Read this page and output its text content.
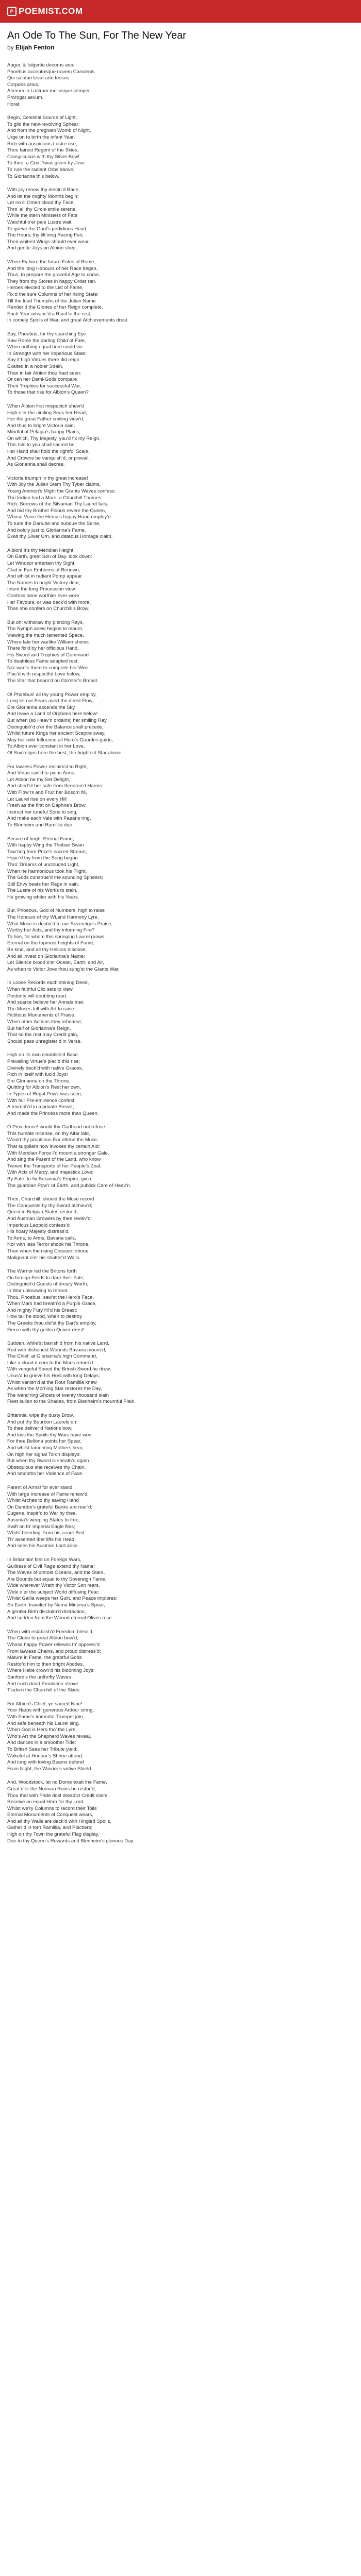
P POEMIST.COM
An Ode To The Sun, For The New Year

by Elijah Fenton

Augur, & fulgente decorus arcu
Phoebus acceptusque novem Camœnis,
Qui salutari levat arte fessos
Corporis artus,
Alterum in Lustrum meliusque semper
Prorogat aevum.
Horat.

Begin, Celestial Source of Light,
To gild the new-revolving Sphear;
And from the pregnant Womb of Night,
Urge on to birth the infant Year.
Rich with auspicious Lustre rise,
Thou fairest Regent of the Skies,
Conspicuous with thy Silver Bow!
To thee, a God, ’twas given by Jove
To rule the radiant Orbs above,
To Glorianna this below.

With joy renew thy destin’d Race,
And let the mighty Months begin:
Let no ill Omen cloud thy Face,
Thro’ all thy Circle smile serene.
While the stern Ministers of Fate
Watchful o’er pale Lustre wait,
To grieve the Gaul’s perfidious Head;
The Hours, thy lift’ning Racing Fair,
Their whitest Wings should ever wear,
And gentle Joys on Albion shed.

When-Ev bore the future Fates of Rome,
And the long Honours of her Race began,
Thus, to prepare the graceful Age to come,
They from thy Stores in happy Order ran.
Heroes elected to the List of Fame,
Fix’d the sure Columns of her rising State;
Till the loud Triumphs of the Julian Name
Render’d the Glories of her Reign complete,
Each Year advanc’d a Rival to the rest,
In comely Spoils of War, and great Atchievements drest.

Say, Phoebus, for thy searching Eye
Saw Rome the darling Child of Fate,
When nothing equal here could vie
In Strength with her imperious State;
Say if high Virtues there did reign
Exalted in a nobler Strain,
Than in fair Albion thou hast seen:
Or can her Demi-Gods compare
Their Trophies for successful War,
To those that rise for Albion’s Queen?

When Albion first mispetitch shew’d
High o’er the circling Seas her Head,
Her the great Father smiling view’d,
And thus to bright Victoria said;
Mindful of Pelagia’s happy Plains,
On which, Thy Majesty, you’d fix my Reign,
This Isle to you shall sacred be;
Her Hand shall hold the rightful Scale,
And Crowns be vanquish’d, or prevail,
As Glorianna shall decree.

Victoria triumph in thy great increase!
With Joy the Julian Stem Thy Tyber claims,
Young Ammon’s Might the Grants Waves confess:
The Indian had a Mars, a Churchill Thames:
Rich, Sorrows of the Silvanian Thy Laurel fails,
And bid thy Brother Floods revere the Queen,
Whose Voice the Hercu’s happy Hand employ’d
To tune the Danube and subdue the Seine,
And boldly just to Glorianna’s Fame,
Exalt thy Silver Urn, and dateous Homage claim.

Albion! It’s thy Meridian Height,
On Earth, great Son of Day, look down:
Let Windsor entertain thy Sight,
Clad in Fair Emblems of Renown;
And whilst in radiant Pomp appear
The Names to bright Victory dear,
Intent the long Procession view:
Confess none worthier ever wore
Her Favours, or was deck’d with more,
Than she confers on Churchill’s Brow.

But oh! withdraw thy piercing Rays,
The Nymph anew begins to mourn,
Viewing the much lamented Space,
Where late her warlike William shone:
There fix’d by her officious Hand,
His Sword and Trophies of Command
To deathless Fame adapted rest;
Nor wants there to complete her Woe,
Plac’d with respectful Love below,
The Star that beam’d on Glo’ster’s Breast.

O! Phoebus! all thy young Power employ,
Long let our Fears avert the direst Flow,
Ere Glorianna ascends the Sky,
And leave a Land of Orphans here below!
But when (so Heav’n ordains) her smiling Ray
Distinguish’d o’er the Balance shall precede,
Whilst future Kings her ancient Sceptre sway,
May her mild Influence all Hero’s Gourdes guide;
To Albion ever constant in her Love,
Of Sov’reigns here the best, the brightest Star above.

For lawless Power reclaim’d to Right,
And Virtue rais’d to pious Arms,
Let Albion be thy Set Delight,
And shed’st her safe from threaten’d Harms:
With Flow’rs and Fruit her Bosom fill,
Let Laurel rise on every Hill
Fresh as the first on Daphne’s Brow:
Instruct her tuneful Sons to sing,
And make each Vale with Paeans ring,
To Blenheim and Ramillia due.

Secure of bright Eternal Fame,
With happy Wing the Theban Swan
Tow’ring from Price’s sacred Stream,
Hope’d thy from the Song began:
Thro’ Dreams of unclouded Light,
When he harmonious took his Flight,
The Gods construe’d the sounding Sphears;
Still Envy beats her Rage in vain,
The Lustre of his Works to stain,
He growing whiter with his Years.

But, Phoebus, God of Numbers, high to raise
The Honours of thy Wi,and Harmony Lyre,
What Muse is destin’d to our Sovereign’s Praise,
Worthy her Acts, and thy informing Fire?
To him, for whom this springing Laurel grows,
Eternal on the topmost heights of Fame,
Be kind, and all thy Helicon disclose;
And all invest on Glorianna’s Name;
Let Silence brood o’er Ocean, Earth, and Air,
As when to Victor Jove thou sung’st the Giants War.

In Loose Records each shining Deed,
When faithful Clio sets to view,
Posterity will doubting read,
And scarce believe her Annals true:
The Muses tell with Art to raise
Fictitious Monuments of Praise,
When other Actions they rehearse;
But half of Glorianna’s Reign,
That so the rest may Credit gain,
Should pass unregister’d in Verse.

High on its own establish’d Base
Prevailing Virtue’s plac’d this rise;
Divinely deck’d with native Graces,
Rich in itself with lucid Joys:
Ere Glorianna on the Throne,
Quitting for Albion’s Rest her own,
In Types of Regal Pow’r was seen;
With fair Pre-eminence confest
A triumph’d in a private Breast,
And made the Princess more than Queen.

O Providence! would thy Godhead not refuse
This humble Incense, on thy Altar laid,
Would thy propitious Ear attend the Muse,
That suppliant now invokes thy certain Aid;
With Meridian Force I’d mount a stronger Gale,
And sing the Parent of the Land, who know
Twixed the Transports of her People’s Zeal,
With Acts of Mercy, and majestick Love;
By Fate, to fix Britannia’s Empire, giv’n
The guardian Pow’r of Earth, and publick Care of Heav’n.

Then, Churchill, should the Muse record
The Conquests by thy Sword atchiev’d;
Quest in Belgian States restor’d,
And Austrian Growers by thee reviev’d:
Imperious Leopold confess’d
His hoary Majesty distress’d,
To Arms, to Arms, Bavaria calls,
Nor with less Terror shook his Throne,
Than when the rising Crescent shone
Malignant o’er his shatter’d Walls.

The Warrior led the Britons forth
On foreign Fields to dare their Fate;
Distinguish’d Guests of dreary Worth,
In War unknowing to retreat.
Thou, Phoebus, saw’st the Hero’s Face,
When Mars had breath’d a Purple Grace,
And mighty Fury fill’d his Breast;
How tall he stood, when to destroy
The Greeks thou did’st thy Dart’s employ,
Fierce with thy golden Quiver drest!

Sudden, while’st banish’d from his native Land,
Red with dishonest Wounds Bavaria mourn’d,
The Chief, at Glorianna’s high Command,
Like a cloud d.com to the Maes return’d:
With vengeful Speed the Brinsh Sword he drew,
Unus’d to grieve his Host with long Delays;
Whilst vanish’d at the Rout Ramillia knew
As when the Morning Star restores the Day,
The wand’ring Ghosts of twenty thousand slain
Fleet sullen to the Shades, from Blenheim’s mournful Plain.

Britannia, wipe thy dusty Brow,
And put thy Bourbon Laurels on:
To thee deliver’d Nations bow,
And kiss the Spoils thy Wars have won:
For thee Bellona points her Spear,
And whilst lamenting Mothers hear,
On high her signal Torch displays:
But when thy Sword is sheath’d again
Obsequious she receives thy Chain,
And smooths her Violence of Face.

Parent of Arms! for ever stand
With large Increase of Fame renew’d,
Whilst Arches to thy saving Hand
On Danube’s grateful Banks are rear’d:
Eugene, inspir’d to War by thee,
Ausonia’s weeping States to free,
Swift on th’ Imperial Eagle flies;
Whilst bleeding, from his azure Bed
Th’ assented Iber lifts his Head,
And sees his Austrian Lord arise.

In Britannia! first on Foreign Wars,
Guiltless of Civil Rage extend thy Name:
The Waves of utmost Oceans, and the Stars,
Are Bounds but equal to thy Sovereign Fame.
Wide wherever Wrath thy Victor Son rears,
Wide o’er the subject World diffusing Fear;
Whilst Gallia weeps her Guilt, and Peace implores:
So Earth, traveled by Nema Minerva’s Spear,
A gentler Birth disclaim’d distraction,
And sudden from the Wound eternal Olives rose.

When with establish’d Freedom bless’d,
The Globe to great Albion bow’d,
Whose happy Power relieves th’ oppress’d
From lawless Chains, and proud distress’d:
Mature in Fame, the grateful Gods
Restor’d him to their bright Abodes,
Where Hebe crown’d his blooming Joys:
Sanford’s the unthrifty Waves
And each dead Emulation strove
T’adorn the Churchill of the Skies.

For Albion’s Chief, ye sacred Nine!
Your Harps with generous Ardour string,
With Fame’s immortal Trumpet join,
And safe beneath his Laurel sing.
When God is Hero tho’ the Lyre,
Who’s Art the Shepherd Waves reveal,
And dances in a smoother Tide:
To British Seas her Tribute yield;
Wakeful at Honour’s Shrine attend,
And long with loving Beams defend
From Night, the Warrior’s votive Shield.

And, Woodstock, let no Dome exalt the Fame,
Great o’er the Norman Ruins be restor’d;
Thou that with Pride dost dread’st Credit claim,
Receive an equal Hero for thy Lord.
Whilst we’ry Columns to record their Toils
Eternal Monuments of Conquest wears,
And all thy Walls are deck’d with Hingled Spoils,
Gather’d in torn Ramillia, and Poictiers;
High on thy Town the grateful Flag display,
Due to thy Queen’s Rewards and Blenheim’s glorious Day.
